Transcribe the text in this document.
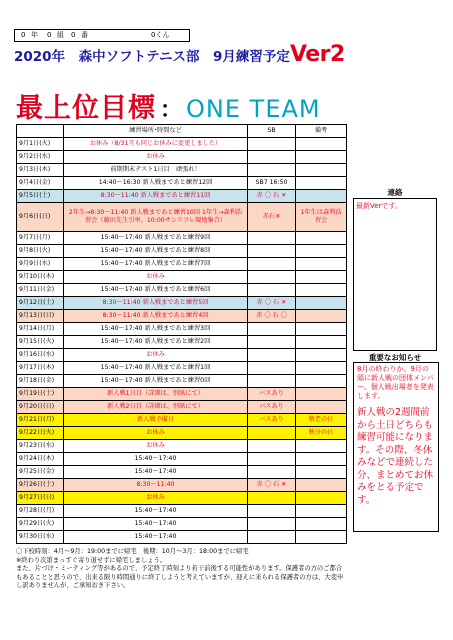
0 年 0 組 0 番	0くん
2020年　森中ソフトテニス部　9月練習予定Ver2
最上位目標 ： ONE TEAM
	練習場所･時間など	SB	備考
9月1日(火)	お休み（8/31月も同じお休みに変更しました）		
9月2日(水)	お休み		
9月3日(木)	前期期末テスト1日目　頑張れ！		
9月4日(金)	14:40～16:30 新人戦まであと練習12回	SB7 16:50	
9月5日(土)	8:30～11:40 新人戦まであと練習11回	赤 〇 石 ✕	
9月6日(日)	2年生→8:30～11:40 新人戦まであと練習10回 1年生→森利浩習会（藤田先生引率、10:00サンリフレ現地集合）	赤石✕	1年生は森利浩習会
9月7日(月)	15:40～17:40 新人戦まであと練習9回		
9月8日(火)	15:40～17:40 新人戦まであと練習8回		
9月9日(水)	15:40～17:40 新人戦まであと練習7回		
9月10日(木)	お休み		
9月11日(金)	15:40～17:40 新人戦まであと練習6回		
9月12日(土)	8:30～11:40 新人戦まであと練習5回	赤 〇 石 ✕	
9月13日(日)	8:30～11:40 新人戦まであと練習4回	赤 〇 石 〇	
9月14日(月)	15:40～17:40 新人戦まであと練習3回		
9月15日(火)	15:40～17:40 新人戦まであと練習2回		
9月16日(水)	お休み		
9月17日(木)	15:40～17:40 新人戦まであと練習1回		
9月18日(金)	15:40～17:40 新人戦まであと練習0回		
9月19日(土)	新人戦1日目（詳細は、別紙にて）	バスあり	
9月20日(日)	新人戦2日目（詳細は、別紙にて）	バスあり	
9月21日(月)	新人戦予備日	バスあり	敬老の日
9月22日(火)	お休み		秋分の日
9月23日(水)	お休み		
9月24日(木)	15:40～17:40		
9月25日(金)	15:40～17:40		
9月26日(土)	8:30～11:40	赤 〇 石 ✕	
9月27日(日)	お休み		
9月28日(月)	15:40～17:40		
9月29日(火)	15:40～17:40		
9月30日(水)	15:40～17:40		
連絡
最新Verです。
重要なお知らせ
8月の終わりか、9月の頭に新人戦の団体メンバー、個人戦出場者を発表します。
新人戦の2週間前から土日どちらも練習可能になります。その際、冬休みなどで連続した分、まとめてお休みをとる予定です。
〇下校時刻：4月～9月：19:00までに帰宅　後期：10月～3月：18:00までに帰宅
※終わり次第まっすぐ寄り道せずに帰宅しましょう。
また、片づけ・ミーティング等があるので、予定終了時刻より若干前後する可能性があります。保護者の方のご都合もあることと思うので、出来る限り時間通りに終了しようと考えていますが、迎えに来られる保護者の方は、大変申し訳ありませんが、ご承知おき下さい。
